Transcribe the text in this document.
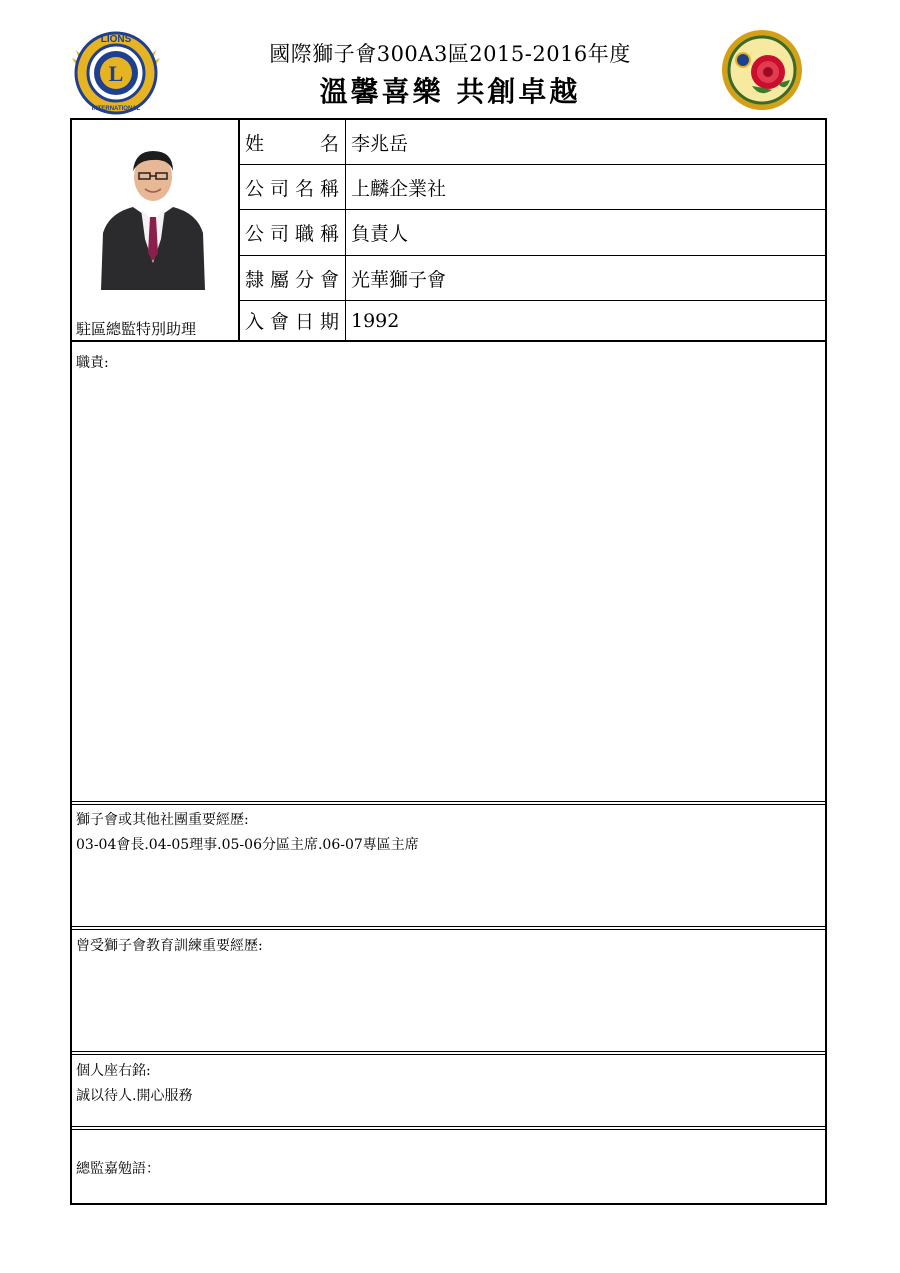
L
LIONS
INTERNATIONAL
國際獅子會300A3區2015-2016年度
溫馨喜樂 共創卓越
駐區總監特別助理
姓　　名 李兆岳
公司名稱 上麟企業社
公司職稱 負責人
隸屬分會 光華獅子會
入會日期 1992
職責:
獅子會或其他社團重要經歷:
03-04會長.04-05理事.05-06分區主席.06-07專區主席
曾受獅子會教育訓練重要經歷:
個人座右銘:
誠以待人.開心服務
總監嘉勉語：
